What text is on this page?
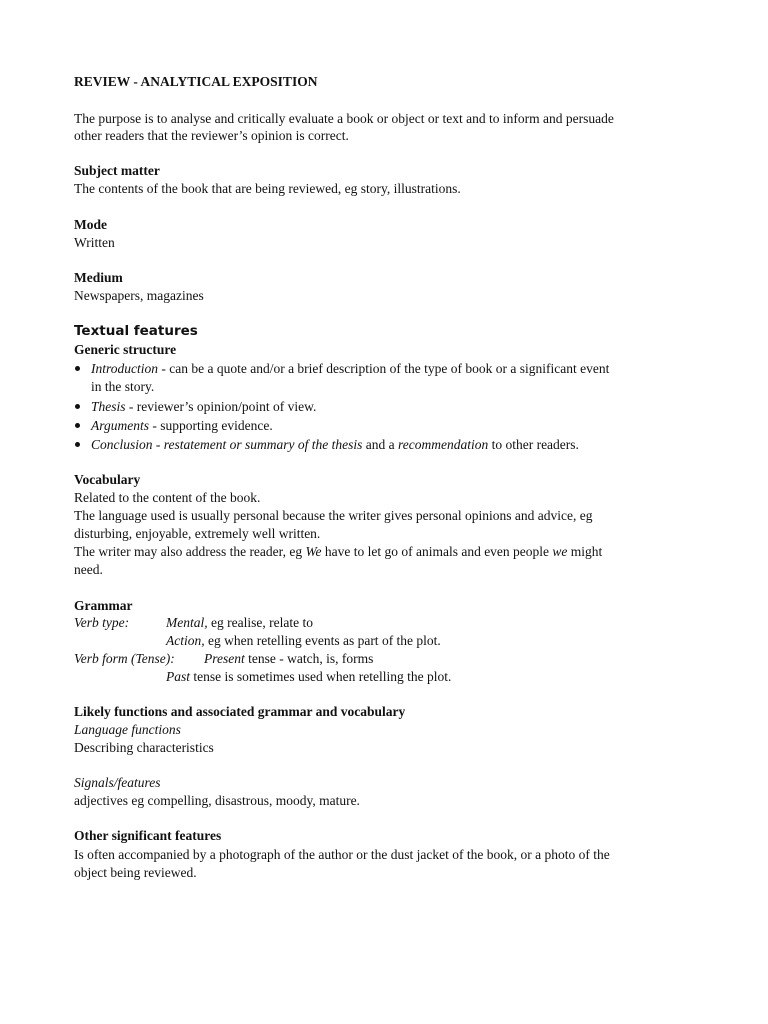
REVIEW - ANALYTICAL EXPOSITION
The purpose is to analyse and critically evaluate a book or object or text and to inform and persuade
other readers that the reviewer’s opinion is correct.
Subject matter
The contents of the book that are being reviewed, eg story, illustrations.
Mode
Written
Medium
Newspapers, magazines
Textual features
Generic structure
Introduction - can be a quote and/or a brief description of the type of book or a significant event
in the story.
Thesis - reviewer’s opinion/point of view.
Arguments - supporting evidence.
Conclusion - restatement or summary of the thesis and a recommendation to other readers.
Vocabulary
Related to the content of the book.
The language used is usually personal because the writer gives personal opinions and advice, eg
disturbing, enjoyable, extremely well written.
The writer may also address the reader, eg We have to let go of animals and even people we might
need.
Grammar
Verb type:	Mental, eg realise, relate to
Action, eg when retelling events as part of the plot.
Verb form (Tense): Present tense - watch, is, forms
Past tense is sometimes used when retelling the plot.
Likely functions and associated grammar and vocabulary
Language functions
Describing characteristics
Signals/features
adjectives eg compelling, disastrous, moody, mature.
Other significant features
Is often accompanied by a photograph of the author or the dust jacket of the book, or a photo of the
object being reviewed.
